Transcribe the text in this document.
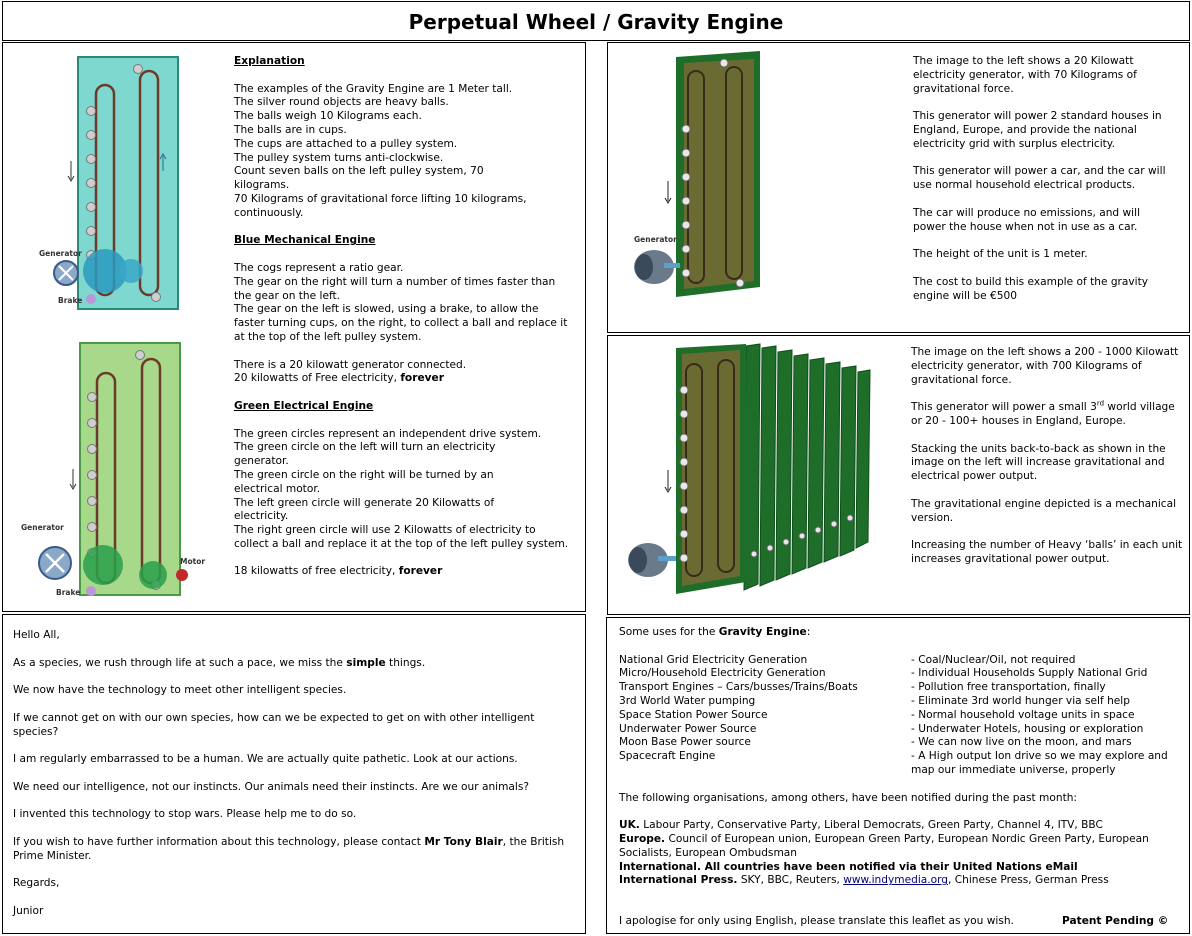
Perpetual Wheel / Gravity Engine
Generator
Brake
Generator
Brake
Motor

Explanation

The examples of the Gravity Engine are 1 Meter tall.

The silver round objects are heavy balls.

The balls weigh 10 Kilograms each.

The balls are in cups.

The cups are attached to a pulley system.

The pulley system turns anti-clockwise.

Count seven balls on the left pulley system, 70 kilograms.

70 Kilograms of gravitational force lifting 10 kilograms, continuously.

Blue Mechanical Engine

The cogs represent a ratio gear.

The gear on the right will turn a number of times faster than the gear on the left.

The gear on the left is slowed, using a brake, to allow the faster turning cups, on the right, to collect a ball and replace it at the top of the left pulley system.

There is a 20 kilowatt generator connected.

20 kilowatts of Free electricity, forever

Green Electrical Engine

The green circles represent an independent drive system.

The green circle on the left will turn an electricity generator.

The green circle on the right will be turned by an electrical motor.

The left green circle will generate 20 Kilowatts of electricity.

The right green circle will use 2 Kilowatts of electricity to collect a ball and replace it at the top of the left pulley system.

18 kilowatts of free electricity, forever

Generator

The image to the left shows a 20 Kilowatt electricity generator, with 70 Kilograms of gravitational force.

This generator will power 2 standard houses in England, Europe, and provide the national electricity grid with surplus electricity.

This generator will power a car, and the car will use normal household electrical products.

The car will produce no emissions, and will power the house when not in use as a car.

The height of the unit is 1 meter.

The cost to build this example of the gravity engine will be €500

The image on the left shows a 200 - 1000 Kilowatt electricity generator, with 700 Kilograms of gravitational force.

This generator will power a small 3rd world village or 20 - 100+ houses in England, Europe.

Stacking the units back-to-back as shown in the image on the left will increase gravitational and electrical power output.

The gravitational engine depicted is a mechanical version.

Increasing the number of Heavy ‘balls’ in each unit increases gravitational power output.

Hello All,

As a species, we rush through life at such a pace, we miss the simple things.

We now have the technology to meet other intelligent species.

If we cannot get on with our own species, how can we be expected to get on with other intelligent species?

I am regularly embarrassed to be a human. We are actually quite pathetic. Look at our actions.

We need our intelligence, not our instincts. Our animals need their instincts. Are we our animals?

I invented this technology to stop wars. Please help me to do so.

If you wish to have further information about this technology, please contact Mr Tony Blair, the British Prime Minister.

Regards,

Junior

Some uses for the Gravity Engine:

National Grid Electricity Generation	- Coal/Nuclear/Oil, not required
Micro/Household Electricity Generation	- Individual Households Supply National Grid
Transport Engines – Cars/busses/Trains/Boats	- Pollution free transportation, finally
3rd World Water pumping	- Eliminate 3rd world hunger via self help
Space Station Power Source	- Normal household voltage units in space
Underwater Power Source	- Underwater Hotels, housing or exploration
Moon Base Power source	- We can now live on the moon, and mars
Spacecraft Engine	- A High output Ion drive so we may explore and map our immediate universe, properly

The following organisations, among others, have been notified during the past month:

UK. Labour Party, Conservative Party, Liberal Democrats, Green Party, Channel 4, ITV, BBC

Europe. Council of European union, European Green Party, European Nordic Green Party, European Socialists, European Ombudsman

International. All countries have been notified via their United Nations eMail

International Press. SKY, BBC, Reuters, www.indymedia.org, Chinese Press, German Press

I apologise for only using English, please translate this leaflet as you wish.	Patent Pending ©
